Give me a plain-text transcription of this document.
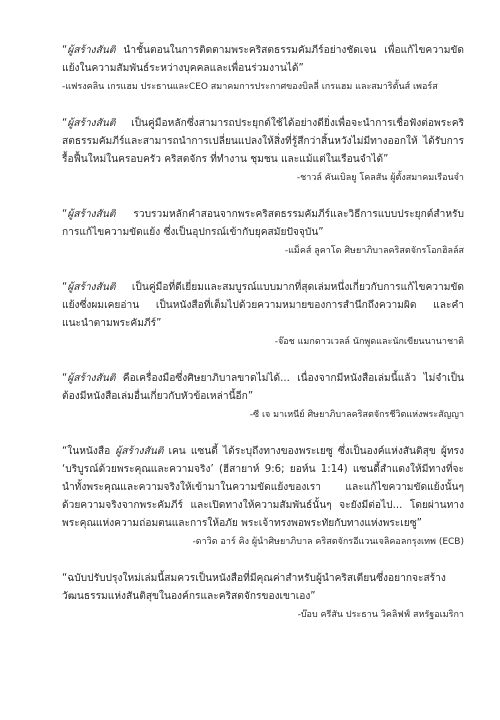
“ผู้สร้างสันติ นำชั้นตอนในการติดตามพระคริสตธรรมคัมภีร์อย่างชัดเจน เพื่อแก้ไขความขัดแย้งในความสัมพันธ์ระหว่างบุคคลและเพื่อนร่วมงานได้”

-แฟรงคลิน เกรแฮม ประธานและCEO สมาคมการประกาศของบิลลี่ เกรแฮม และสมาริตั้นส์ เพอร์ส

“ผู้สร้างสันติ เป็นคู่มือหลักซึ่งสามารถประยุกต์ใช้ได้อย่างดียิ่งเพื่อจะนำการเชื่อฟังต่อพระคริสตธรรมคัมภีร์และสามารถนำการเปลี่ยนแปลงให้สิ่งที่รู้สึกว่าสิ้นหวังไม่มีทางออกให้ ได้รับการรื้อฟื้นใหม่ในครอบครัว คริสตจักร ที่ทำงาน ชุมชน และแม้แต่ในเรือนจำได้”

-ชาวล์ คันเบิลยู โคลสัน ผู้ตั้งสมาคมเรือนจำ

“ผู้สร้างสันติ รวบรวมหลักคำสอนจากพระคริสตธรรมคัมภีร์และวิธีการแบบประยุกต์สำหรับการแก้ไขความขัดแย้ง ซึ่งเป็นอุปกรณ์เข้ากับยุคสมัยปัจจุบัน”

-แม็คส์ ลูคาโด ศิษยาภิบาลคริสตจักรโอกฮิลล์ส

“ผู้สร้างสันติ เป็นคู่มือที่ดีเยี่ยมและสมบูรณ์แบบมากที่สุดเล่มหนึ่งเกี่ยวกับการแก้ไขความขัดแย้งซึ่งผมเคยอ่าน เป็นหนังสือที่เต็มไปด้วยความหมายของการสำนึกถึงความผิด และคำแนะนำตามพระคัมภีร์”

-จ๊อช แมกดาวเวลล์ นักพูดและนักเขียนนานาชาติ

“ผู้สร้างสันติ คือเครื่องมือซึ่งศิษยาภิบาลขาดไม่ได้... เนื่องจากมีหนังสือเล่มนี้แล้ว ไม่จำเป็นต้องมีหนังสือเล่มอื่นเกี่ยวกับหัวข้อเหล่านี้อีก”

-ซี เจ มาเหนีย์ ศิษยาภิบาลคริสตจักรชีวิตแห่งพระสัญญา

“ในหนังสือ ผู้สร้างสันติ เคน แซนดี้ ได้ระบุถึงทางของพระเยซู ซึ่งเป็นองค์แห่งสันติสุข ผู้ทรง ‘บริบูรณ์ด้วยพระคุณและความจริง’ (ฮีสายาห์ 9:6; ยอห์น 1:14) แซนดี้สำแดงให้มีทางที่จะนำทั้งพระคุณและความจริงให้เข้ามาในความขัดแย้งของเรา และแก้ไขความขัดแย้งนั้นๆ ด้วยความจริงจากพระคัมภีร์ และเปิดทางให้ความสัมพันธ์นั้นๆ จะยังมีต่อไป... โดยผ่านทางพระคุณแห่งความถ่อมตนและการให้อภัย พระเจ้าทรงพอพระทัยกับทางแห่งพระเยซู”

-ดาวิด อาร์ คิง ผู้นำศิษยาภิบาล คริสตจักรอีแวนเจลิคอลกรุงเทพ (ECB)

“ฉบับปรับปรุงใหม่เล่มนี้สมควรเป็นหนังสือที่มีคุณค่าสำหรับผู้นำคริสเตียนซึ่งอยากจะสร้างวัฒนธรรมแห่งสันติสุขในองค์กรและคริสตจักรของเขาเอง”

-บ๊อบ ครีสัน ประธาน วิคลิฟฟ์ สหรัฐอเมริกา
